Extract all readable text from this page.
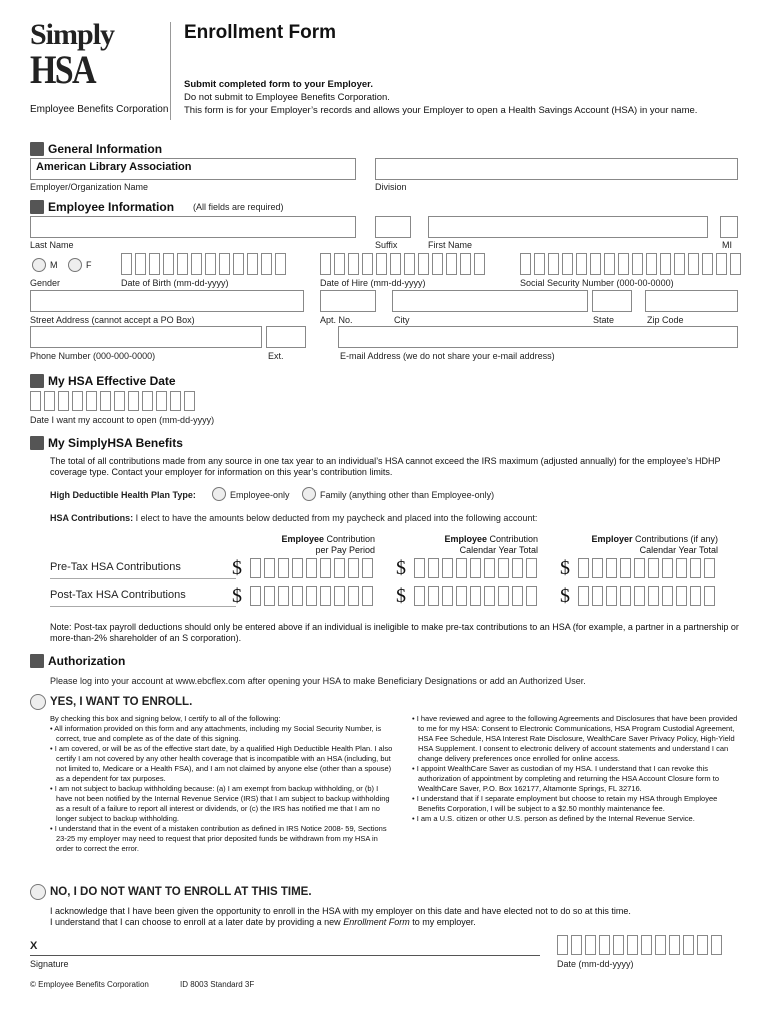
Simply
HSA
Employee Benefits Corporation
Enrollment Form
Submit completed form to your Employer.
Do not submit to Employee Benefits Corporation.
This form is for your Employer’s records and allows your Employer to open a Health Savings Account (HSA) in your name.
General Information
American Library Association
Employer/Organization Name	Division
Employee Information (All fields are required)
Last Name	Suffix	First Name	MI
M	F
Gender	Date of Birth (mm-dd-yyyy)	Date of Hire (mm-dd-yyyy)	Social Security Number (000-00-0000)
Street Address (cannot accept a PO Box)	Apt. No.	City	State	Zip Code
Phone Number (000-000-0000)	Ext.	E-mail Address (we do not share your e-mail address)
My HSA Effective Date
Date I want my account to open (mm-dd-yyyy)
My SimplyHSA Benefits
The total of all contributions made from any source in one tax year to an individual’s HSA cannot exceed the IRS maximum (adjusted annually) for the employee’s HDHP
coverage type. Contact your employer for information on this year’s contribution limits.
High Deductible Health Plan Type:	Employee-only	Family (anything other than Employee-only)
HSA Contributions: I elect to have the amounts below deducted from my paycheck and placed into the following account:
Employee Contribution
per Pay Period
Employee Contribution
Calendar Year Total
Employer Contributions (if any)
Calendar Year Total
Pre-Tax HSA Contributions	$	$	$
Post-Tax HSA Contributions $	$	$
Note: Post-tax payroll deductions should only be entered above if an individual is ineligible to make pre-tax contributions to an HSA (for example, a partner in a partnership or
more-than-2% shareholder of an S corporation).
Authorization
Please log into your account at www.ebcflex.com after opening your HSA to make Beneficiary Designations or add an Authorized User.
YES, I WANT TO ENROLL.
By checking this box and signing below, I certify to all of the following:
• All information provided on this form and any attachments, including my Social Security Number, is correct, true and complete as of the date of this signing.
• I am covered, or will be as of the effective start date, by a qualified High Deductible Health Plan. I also certify I am not covered by any other health coverage that is incompatible with an HSA (including, but not limited to, Medicare or a Health FSA), and I am not claimed by anyone else (other than a spouse) as a dependent for tax purposes.
• I am not subject to backup withholding because: (a) I am exempt from backup withholding, or (b) I have not been notified by the Internal Revenue Service (IRS) that I am subject to backup withholding as a result of a failure to report all interest or dividends, or (c) the IRS has notified me that I am no longer subject to backup withholding.
• I understand that in the event of a mistaken contribution as defined in IRS Notice 2008- 59, Sections 23-25 my employer may need to request that prior deposited funds be withdrawn from my HSA in order to correct the error.
• I have reviewed and agree to the following Agreements and Disclosures that have been provided to me for my HSA: Consent to Electronic Communications, HSA Program Custodial Agreement, HSA Fee Schedule, HSA Interest Rate Disclosure, WealthCare Saver Privacy Policy, High-Yield HSA Supplement. I consent to electronic delivery of account statements and understand I can change delivery preferences once enrolled for online access.
• I appoint WealthCare Saver as custodian of my HSA. I understand that I can revoke this authorization of appointment by completing and returning the HSA Account Closure form to WealthCare Saver, P.O. Box 162177, Altamonte Springs, FL 32716.
• I understand that if I separate employment but choose to retain my HSA through Employee Benefits Corporation, I will be subject to a $2.50 monthly maintenance fee.
• I am a U.S. citizen or other U.S. person as defined by the Internal Revenue Service.
NO, I DO NOT WANT TO ENROLL AT THIS TIME.
I acknowledge that I have been given the opportunity to enroll in the HSA with my employer on this date and have elected not to do so at this time.
I understand that I can choose to enroll at a later date by providing a new Enrollment Form to my employer.
X
Signature	Date (mm-dd-yyyy)
© Employee Benefits Corporation	ID 8003 Standard 3F
